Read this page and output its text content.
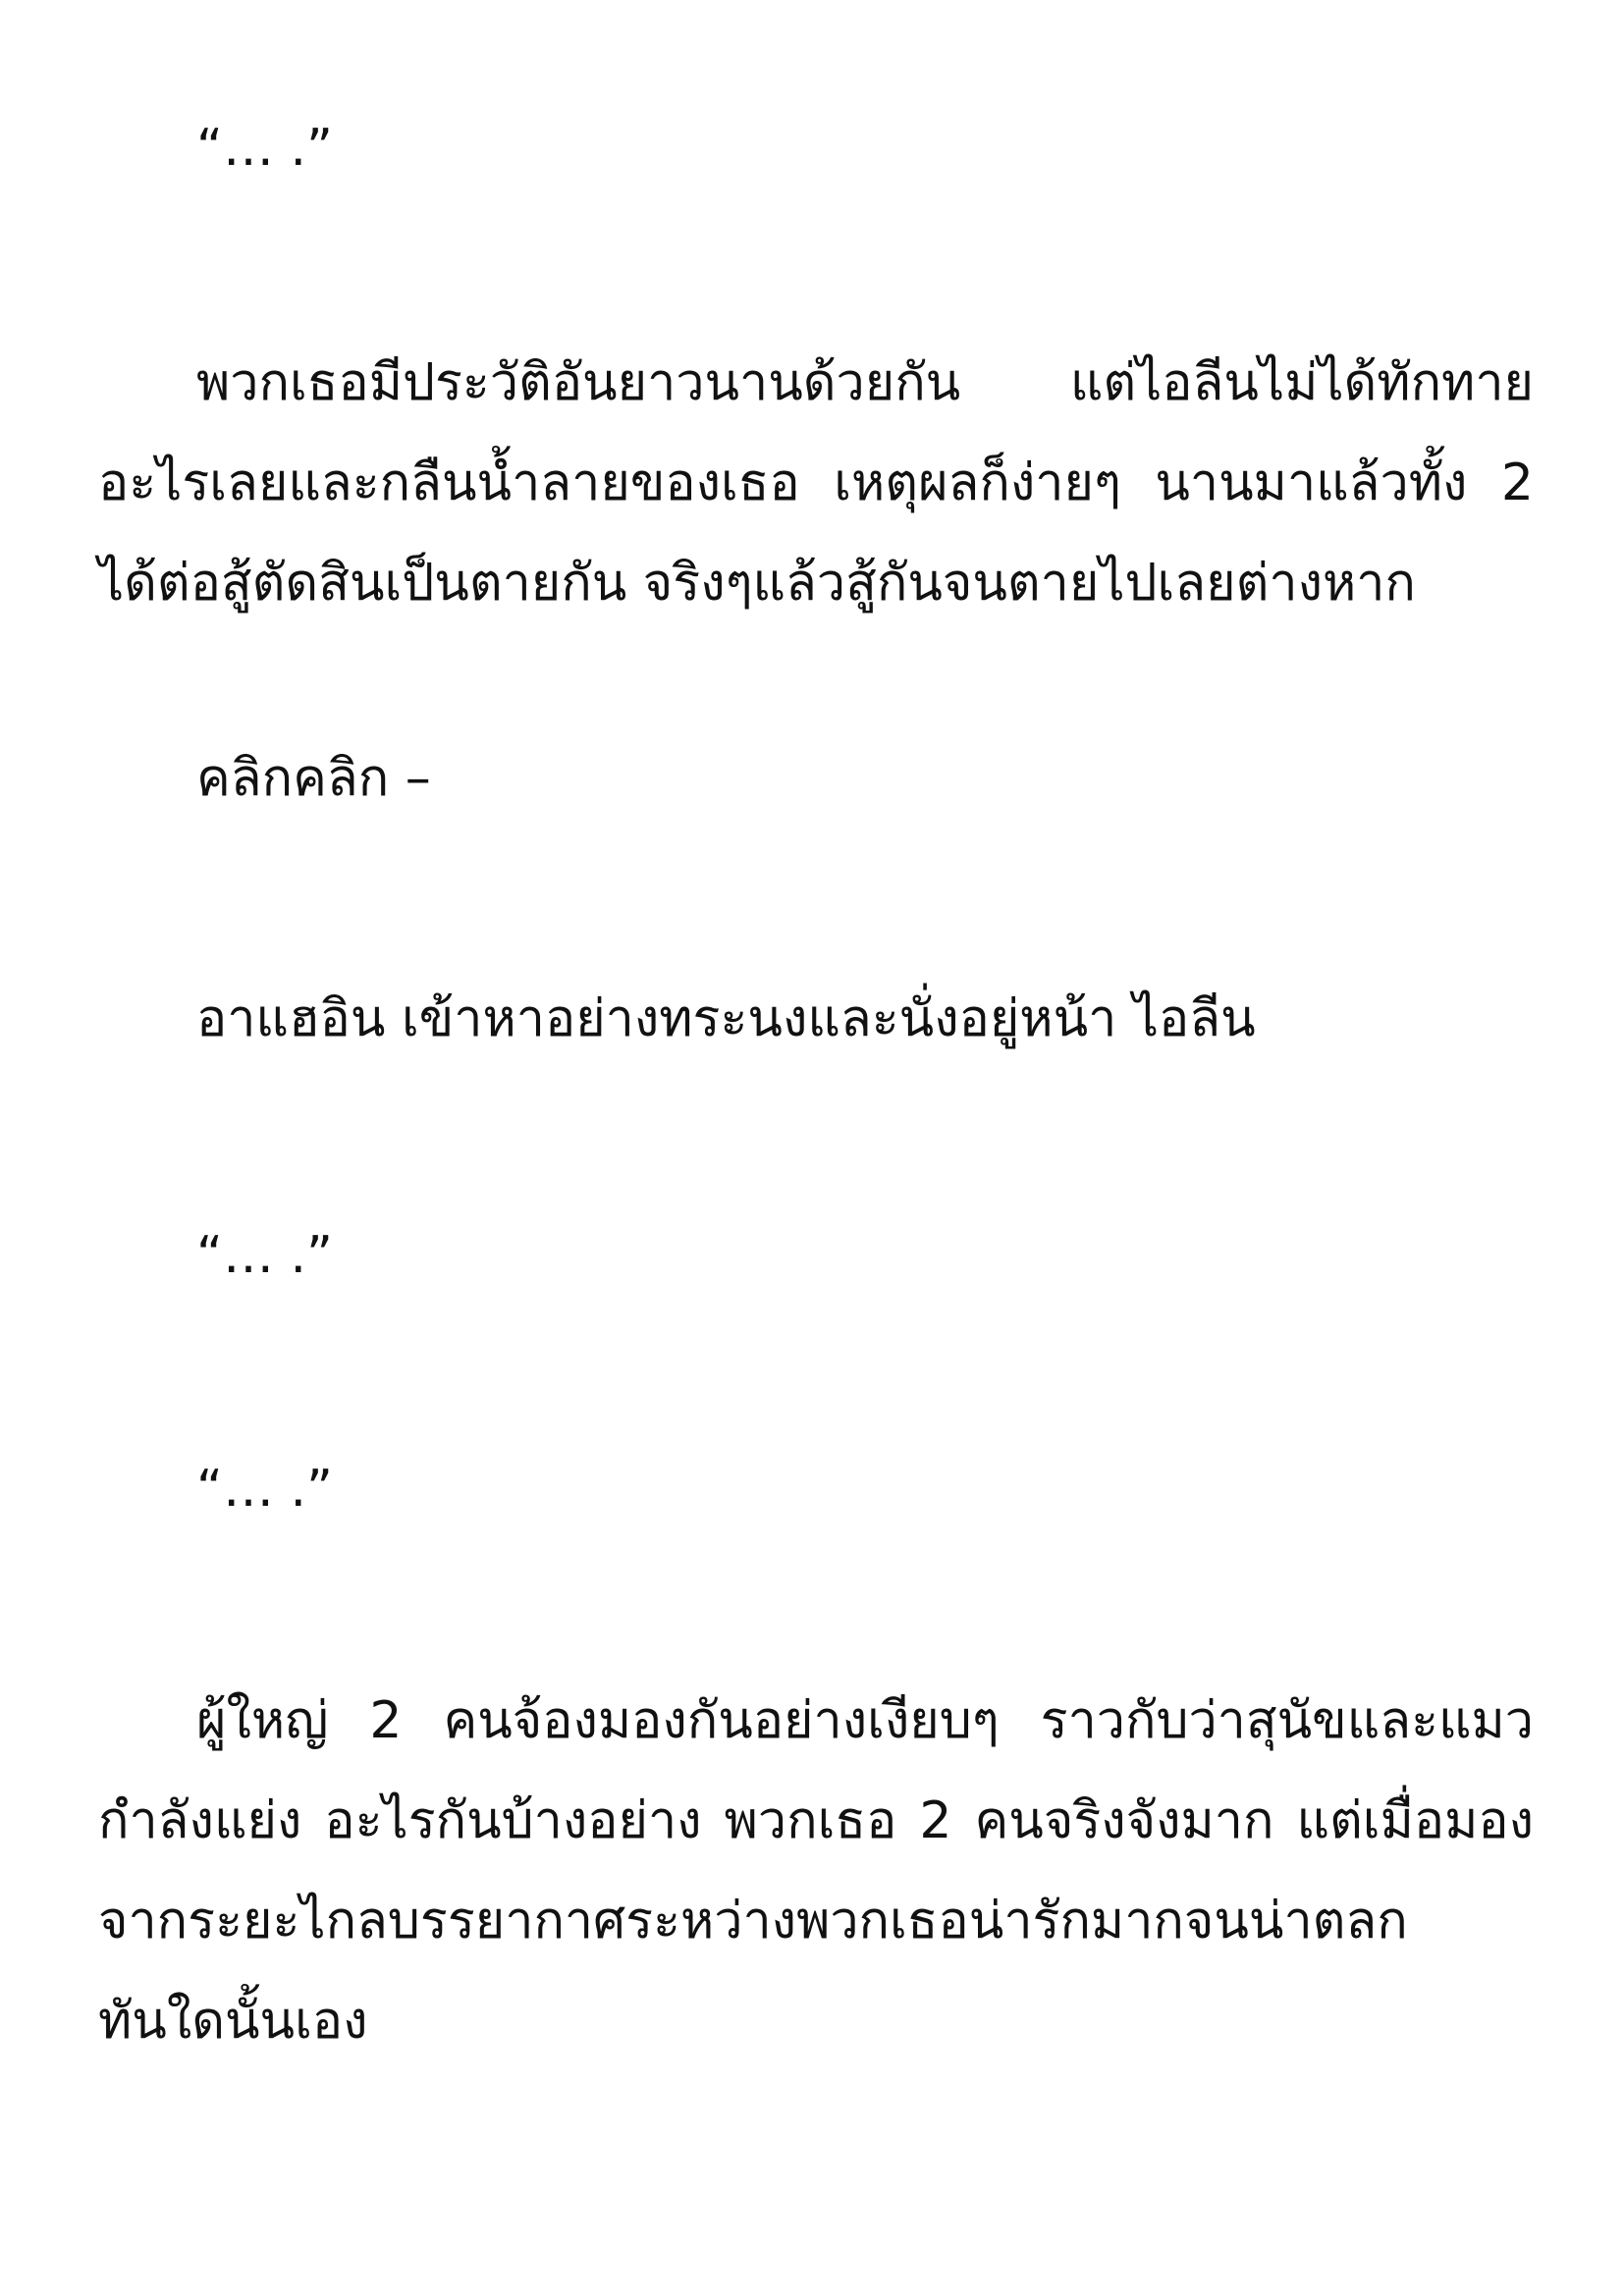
“… .”

พวกเธอมีประวัติอันยาวนานด้วยกัน แต่ไอลีนไม่ได้ทักทาย
อะไรเลยและกลืนน้ำลายของเธอ เหตุผลก็ง่ายๆ นานมาแล้วทั้ง 2
ได้ต่อสู้ตัดสินเป็นตายกัน จริงๆแล้วสู้กันจนตายไปเลยต่างหาก

คลิกคลิก –

อาแฮอิน เข้าหาอย่างทระนงและนั่งอยู่หน้า ไอลีน

“… .”

“… .”

ผู้ใหญ่ 2 คนจ้องมองกันอย่างเงียบๆ ราวกับว่าสุนัขและแมว
กำลังแย่ง อะไรกันบ้างอย่าง พวกเธอ 2 คนจริงจังมาก แต่เมื่อมอง
จากระยะไกลบรรยากาศระหว่างพวกเธอน่ารักมากจนน่าตลก
ทันใดนั้นเอง
